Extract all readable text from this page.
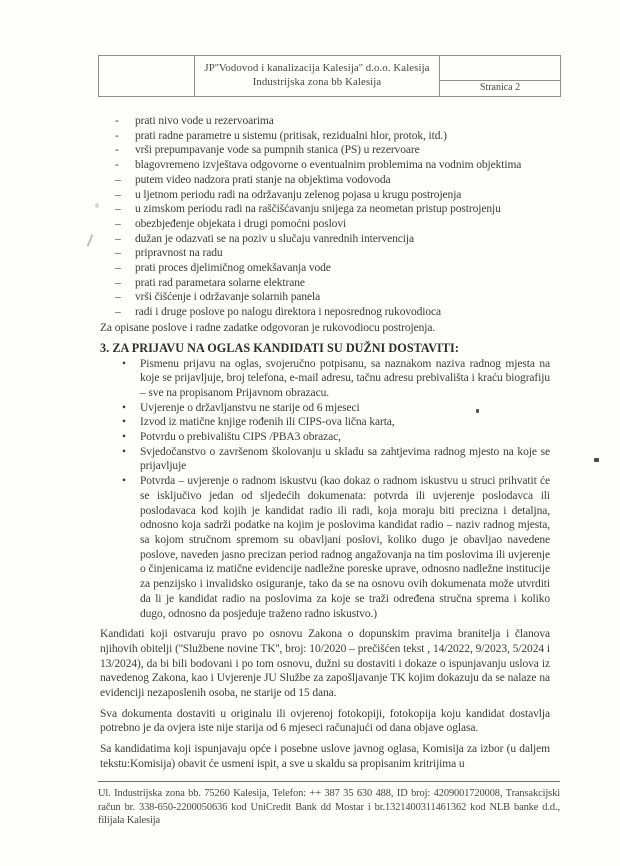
JP''Vodovod i kanalizacija Kalesija'' d.o.o. Kalesija
Industrijska zona bb Kalesija	Stranica 2
-	prati nivo vode u rezervoarima
-	prati radne parametre u sistemu (pritisak, rezidualni hlor, protok, itd.)
-	vrši prepumpavanje vode sa pumpnih stanica (PS) u rezervoare
-	blagovremeno izvještava odgovorne o eventualnim problemima na vodnim objektima
–	putem video nadzora prati stanje na objektima vodovoda
–	u ljetnom periodu radi na održavanju zelenog pojasa u krugu postrojenja
–	u zimskom periodu radi na raščišćavanju snijega za neometan pristup postrojenju
–	obezbjeđenje objekata i drugi pomoćni poslovi
–	dužan je odazvati se na poziv u slučaju vanrednih intervencija
–	pripravnost na radu
–	prati proces djelimičnog omekšavanja vode
–	prati rad parametara solarne elektrane
–	vrši čišćenje i održavanje solarnih panela
–	radi i druge poslove po nalogu direktora i neposrednog rukovodioca
Za opisane poslove i radne zadatke odgovoran je rukovodiocu postrojenja.
3. ZA PRIJAVU NA OGLAS KANDIDATI SU DUŽNI DOSTAVITI:
•	Pismenu prijavu na oglas, svojeručno potpisanu, sa naznakom naziva radnog mjesta na koje se prijavljuje, broj telefona, e-mail adresu, tačnu adresu prebivališta i kraću biografiju – sve na propisanom Prijavnom obrazacu.
•	Uvjerenje o državljanstvu ne starije od 6 mjeseci
•	Izvod iz matične knjige rođenih ili CIPS-ova lična karta,
•	Potvrdu o prebivalištu CIPS /PBA3 obrazac,
•	Svjedočanstvo o završenom školovanju u skladu sa zahtjevima radnog mjesto na koje se prijavljuje
•	Potvrda – uvjerenje o radnom iskustvu (kao dokaz o radnom iskustvu u struci prihvatit će se isključivo jedan od sljedećih dokumenata: potvrda ili uvjerenje poslodavca ili poslodavaca kod kojih je kandidat radio ili radi, koja moraju biti precizna i detaljna, odnosno koja sadrži podatke na kojim je poslovima kandidat radio – naziv radnog mjesta, sa kojom stručnom spremom su obavljani poslovi, koliko dugo je obavljao navedene poslove, naveden jasno precizan period radnog angažovanja na tim poslovima ili uvjerenje o činjenicama iz matične evidencije nadležne poreske uprave, odnosno nadležne institucije za penzijsko i invalidsko osiguranje, tako da se na osnovu ovih dokumenata može utvrditi da li je kandidat radio na poslovima za koje se traži određena stručna sprema i koliko dugo, odnosno da posjeduje traženo radno iskustvo.)

Kandidati koji ostvaruju pravo po osnovu Zakona o dopunskim pravima branitelja i članova njihovih obitelji (''Službene novine TK'', broj: 10/2020 – prečišćen tekst , 14/2022, 9/2023, 5/2024 i 13/2024), da bi bili bodovani i po tom osnovu, dužni su dostaviti i dokaze o ispunjavanju uslova iz navedenog Zakona, kao i Uvjerenje JU Službe za zapošljavanje TK kojim dokazuju da se nalaze na evidenciji nezaposlenih osoba, ne starije od 15 dana.

Sva dokumenta dostaviti u originalu ili ovjerenoj fotokopiji, fotokopija koju kandidat dostavlja potrebno je da ovjera iste nije starija od 6 mjeseci računajući od dana objave oglasa.

Sa kandidatima koji ispunjavaju opće i posebne uslove javnog oglasa, Komisija za izbor (u daljem tekstu:Komisija) obavit će usmeni ispit, a sve u skaldu sa propisanim kritrijima u

Ul. Industrijska zona bb. 75260 Kalesija, Telefon: ++ 387 35 630 488, ID broj: 4209001720008, Transakcijski račun br. 338-650-2200050636 kod UniCredit Bank dd Mostar i br.1321400311461362 kod NLB banke d.d., filijala Kalesija
